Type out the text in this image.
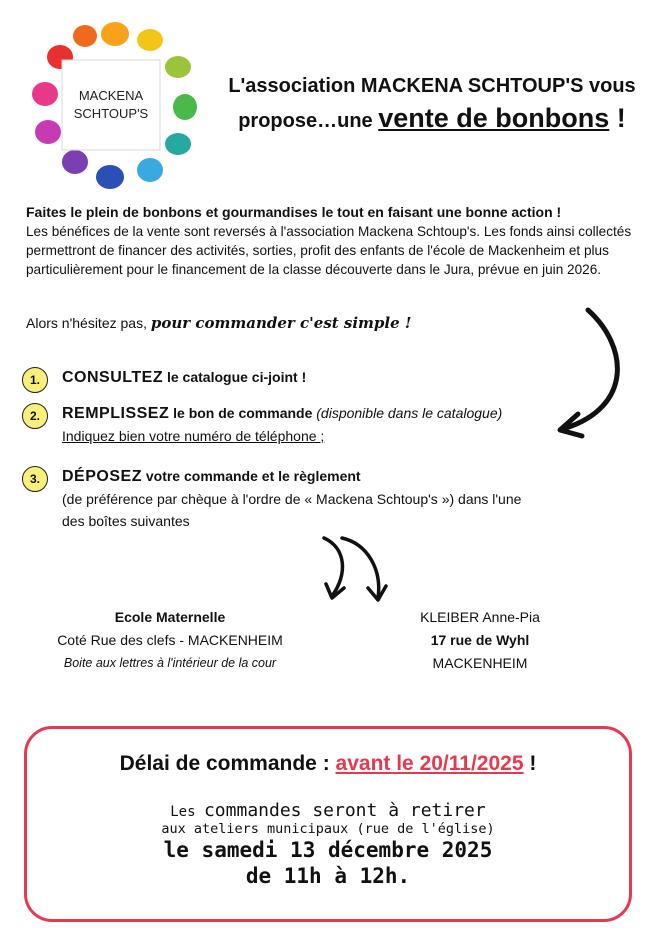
MACKENA
SCHTOUP'S
L'association MACKENA SCHTOUP'S vous
propose…une vente de bonbons !
Faites le plein de bonbons et gourmandises le tout en faisant une bonne action !
Les bénéfices de la vente sont reversés à l'association Mackena Schtoup's. Les fonds ainsi collectés permettront de financer des activités, sorties, profit des enfants de l'école de Mackenheim et plus particulièrement pour le financement de la classe découverte dans le Jura, prévue en juin 2026.
Alors n'hésitez pas, pour commander c'est simple !
1.	CONSULTEZ le catalogue ci-joint !
2.	REMPLISSEZ le bon de commande (disponible dans le catalogue)
Indiquez bien votre numéro de téléphone ;
3.	DÉPOSEZ votre commande et le règlement
(de préférence par chèque à l'ordre de « Mackena Schtoup's ») dans l'une
des boîtes suivantes
Ecole Maternelle
Coté Rue des clefs - MACKENHEIM
Boite aux lettres à l'intérieur de la cour
KLEIBER Anne-Pia
17 rue de Wyhl
MACKENHEIM
Délai de commande : avant le 20/11/2025 !
Les commandes seront à retirer
aux ateliers municipaux (rue de l'église)
le samedi 13 décembre 2025
de 11h à 12h.
